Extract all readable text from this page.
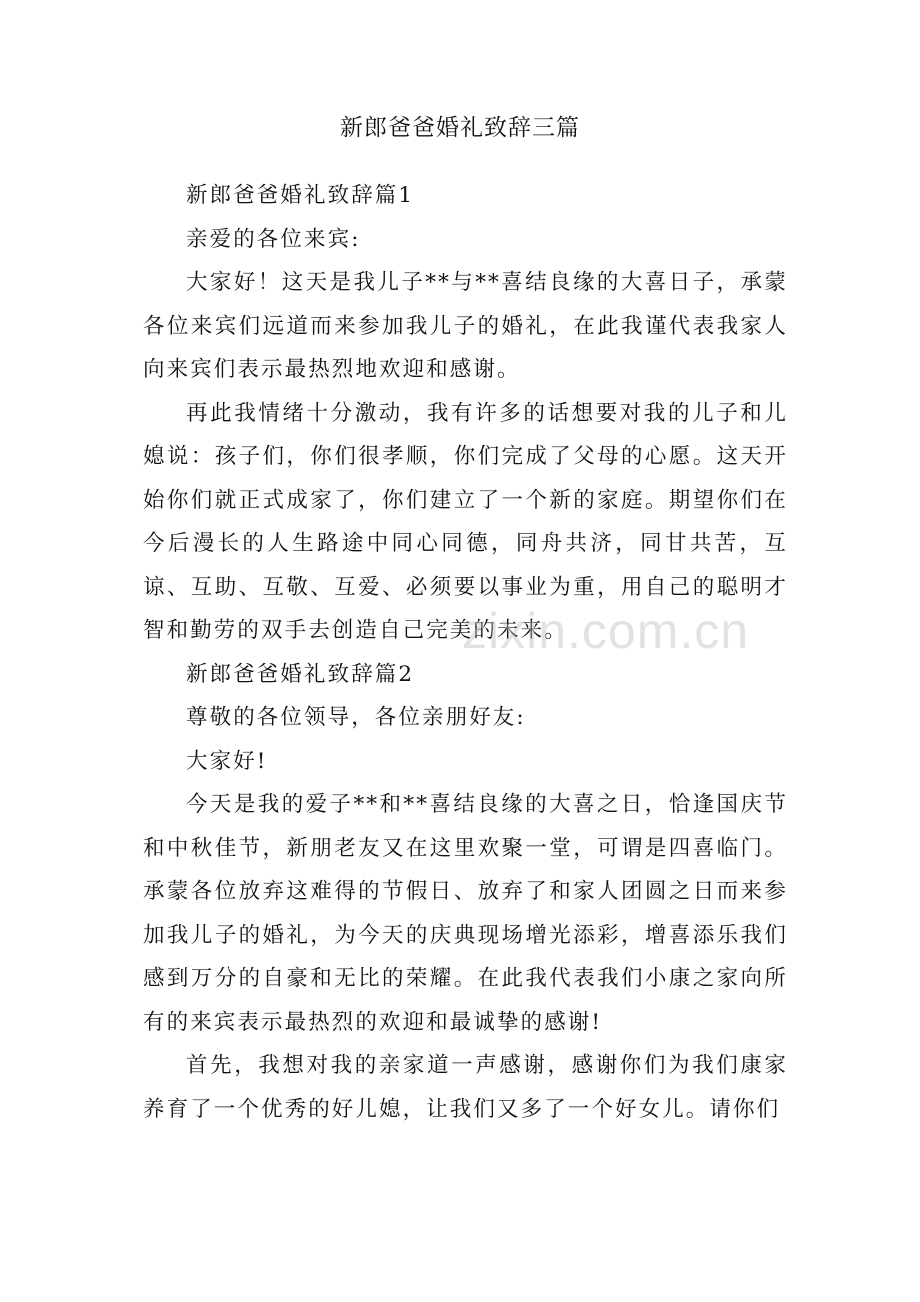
新郎爸爸婚礼致辞三篇

新郎爸爸婚礼致辞篇1

亲爱的各位来宾:

大家好！这天是我儿子**与**喜结良缘的大喜日子，承蒙各位来宾们远道而来参加我儿子的婚礼，在此我谨代表我家人向来宾们表示最热烈地欢迎和感谢。

再此我情绪十分激动，我有许多的话想要对我的儿子和儿媳说：孩子们，你们很孝顺，你们完成了父母的心愿。这天开始你们就正式成家了，你们建立了一个新的家庭。期望你们在今后漫长的人生路途中同心同德，同舟共济，同甘共苦，互谅、互助、互敬、互爱、必须要以事业为重，用自己的聪明才智和勤劳的双手去创造自己完美的未来。

新郎爸爸婚礼致辞篇2

尊敬的各位领导，各位亲朋好友:

大家好!

今天是我的爱子**和**喜结良缘的大喜之日，恰逢国庆节和中秋佳节，新朋老友又在这里欢聚一堂，可谓是四喜临门。承蒙各位放弃这难得的节假日、放弃了和家人团圆之日而来参加我儿子的婚礼，为今天的庆典现场增光添彩，增喜添乐我们感到万分的自豪和无比的荣耀。在此我代表我们小康之家向所有的来宾表示最热烈的欢迎和最诚挚的感谢!

首先，我想对我的亲家道一声感谢，感谢你们为我们康家养育了一个优秀的好儿媳，让我们又多了一个好女儿。请你们

zixin.com.cn
